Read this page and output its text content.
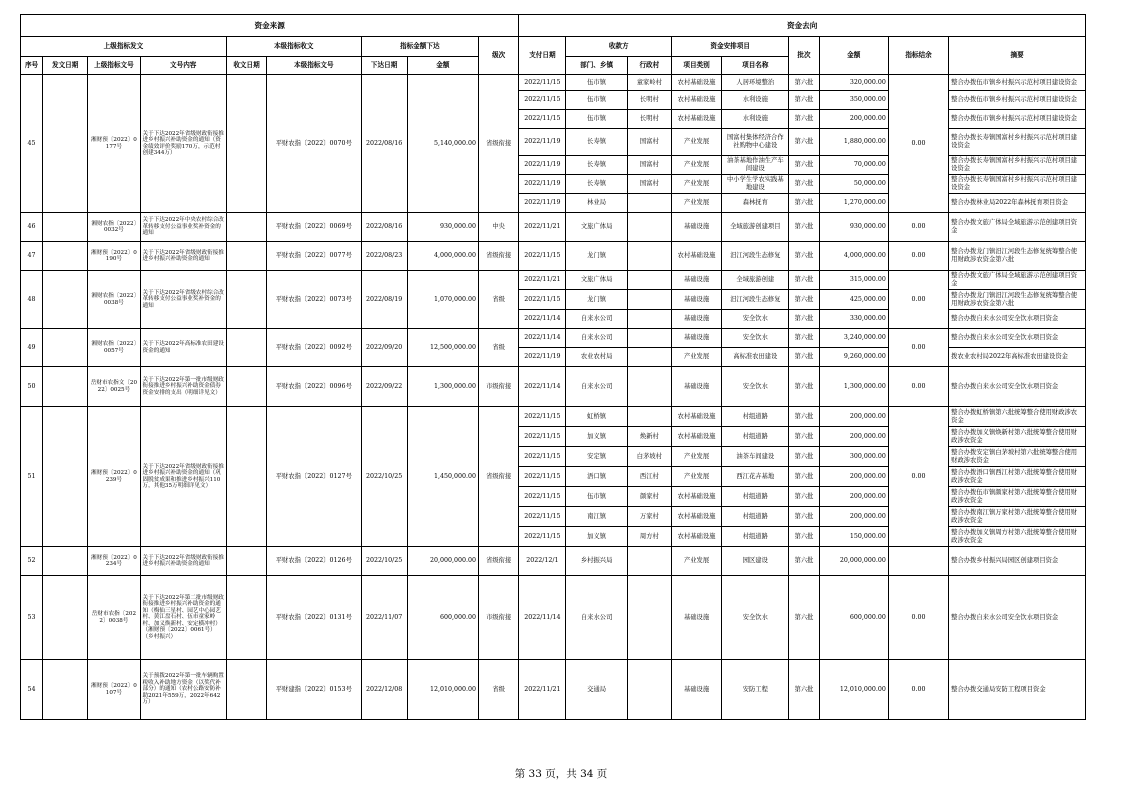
资金来源									资金去向								
上级指标发文				本级指标收文		指标金额下达		级次	支付日期	收款方		资金安排项目		批次	金额	指标结余	摘要
序号	发文日期	上级指标文号	文号内容	收文日期	本级指标文号	下达日期	金额			部门、乡镇	行政村	项目类别	项目名称				
45		湘财预〔2022〕0177号	关于下达2022年省级财政衔接推进乡村振兴补助资金的通知（资金绩效评价奖励170万，示范村创建344万）		平财农指〔2022〕0070号	2022/08/16	5,140,000.00	省级衔接	2022/11/15	伍市镇	童家岭村	农村基础设施	人居环境整治	第六批	320,000.00	0.00	整合办拨伍市镇乡村振兴示范村项目建设资金
									2022/11/15	伍市镇	长明村	农村基础设施	水利设施	第六批	350,000.00		整合办拨伍市镇乡村振兴示范村项目建设资金
									2022/11/15	伍市镇	长明村	农村基础设施	水利设施	第六批	200,000.00		整合办拨伍市镇乡村振兴示范村项目建设资金
									2022/11/19	长寿镇	国富村	产业发展	国富村集体经济合作社购物中心建设	第六批	1,880,000.00		整合办拨长寿镇国富村乡村振兴示范村项目建设资金
									2022/11/19	长寿镇	国富村	产业发展	油茶基地作油生产车间建设	第六批	70,000.00		整合办拨长寿镇国富村乡村振兴示范村项目建设资金
									2022/11/19	长寿镇	国富村	产业发展	中小学生学农实践基地建设	第六批	50,000.00		整合办拨长寿镇国富村乡村振兴示范村项目建设资金
									2022/11/19	林业局		产业发展	森林抚育	第六批	1,270,000.00		整合办拨林业局2022年森林抚育项目资金
46		湘财农指〔2022〕0032号	关于下达2022年中央农村综合改革转移支付公益事业奖补资金的通知		平财农指〔2022〕0069号	2022/08/16	930,000.00	中央	2022/11/21	文旅广体局		基础设施	全域旅游创建项目	第六批	930,000.00	0.00	整合办拨文旅广体局全域旅游示范创建项目资金
47		湘财预〔2022〕0190号	关于下达2022年省级财政衔接推进乡村振兴补助资金的通知		平财农指〔2022〕0077号	2022/08/23	4,000,000.00	省级衔接	2022/11/15	龙门镇		农村基础设施	汨江河段生态修复	第六批	4,000,000.00	0.00	整合办拨龙门镇汨江河段生态修复统筹整合使用财政涉农资金第六批
48		湘财农指〔2022〕0038号	关于下达2022年省级农村综合改革转移支付公益事业奖补资金的通知		平财农指〔2022〕0073号	2022/08/19	1,070,000.00	省级	2022/11/21	文旅广体局		基础设施	全域旅游创建	第六批	315,000.00	0.00	整合办拨文旅广体局全域旅游示范创建项目资金
									2022/11/15	龙门镇		基础设施	汨江河段生态修复	第六批	425,000.00		整合办拨龙门镇汨江河段生态修复统筹整合使用财政涉农资金第六批
									2022/11/14	自来水公司		基础设施	安全饮水	第六批	330,000.00		整合办拨自来水公司安全饮水项目资金
49		湘财农指〔2022〕0057号	关于下达2022年高标准农田建设资金的通知		平财农指〔2022〕0092号	2022/09/20	12,500,000.00	省级	2022/11/14	自来水公司		基础设施	安全饮水	第六批	3,240,000.00	0.00	整合办拨自来水公司安全饮水项目资金
									2022/11/19	农业农村局		产业发展	高标准农田建设	第六批	9,260,000.00		拨农业农村局2022年高标准农田建设资金
50		岳财市农指文〔2022〕0025号	关于下达2022年第一批市级财政衔接推进乡村振兴补助资金债券资金安排的支出（明细详见文）		平财农指〔2022〕0096号	2022/09/22	1,300,000.00	市级衔接	2022/11/14	自来水公司		基础设施	安全饮水	第六批	1,300,000.00	0.00	整合办拨自来水公司安全饮水项目资金
51		湘财预〔2022〕0239号	关于下达2022年省级财政衔接推进乡村振兴补助资金的通知（巩固脱贫成果和推进乡村振兴110万，其他35万明细详见文）		平财农指〔2022〕0127号	2022/10/25	1,450,000.00	省级衔接	2022/11/15	虹桥镇		农村基础设施	村组道路	第六批	200,000.00	0.00	整合办拨虹桥镇第六批统筹整合使用财政涉农资金
									2022/11/15	加义镇	焕新村	农村基础设施	村组道路	第六批	200,000.00		整合办拨加义镇焕新村第六批统筹整合使用财政涉农资金
									2022/11/15	安定镇	白茅坡村	产业发展	油茶车间建设	第六批	300,000.00		整合办拨安定镇白茅坡村第六批统筹整合使用财政涉农资金
									2022/11/15	浯口镇	西江村	产业发展	西江花卉基地	第六批	200,000.00		整合办拨浯口镇西江村第六批统筹整合使用财政涉农资金
									2022/11/15	伍市镇	颜家村	农村基础设施	村组道路	第六批	200,000.00		整合办拨伍市镇颜家村第六批统筹整合使用财政涉农资金
									2022/11/15	南江镇	万家村	农村基础设施	村组道路	第六批	200,000.00		整合办拨南江镇万家村第六批统筹整合使用财政涉农资金
									2022/11/15	加义镇	周方村	农村基础设施	村组道路	第六批	150,000.00		整合办拨加义镇周方村第六批统筹整合使用财政涉农资金
52		湘财预〔2022〕0234号	关于下达2022年省级财政衔接推进乡村振兴补助资金的通知		平财农指〔2022〕0126号	2022/10/25	20,000,000.00	省级衔接	2022/12/1	乡村振兴局		产业发展	园区建设	第六批	20,000,000.00		整合办拨乡村振兴局园区创建项目资金
53		岳财市农指〔2022〕0038号	关于下达2022年第二批市级财政衔接推进乡村振兴补助资金的通知（梅仙三星村、园艺中心园艺村、黄江盘石村、伍市童家岭村、加义焕新村、安定横冲村）（湘财预〔2022〕0061号）（乡村振兴）		平财农指〔2022〕0131号	2022/11/07	600,000.00	市级衔接	2022/11/14	自来水公司		基础设施	安全饮水	第六批	600,000.00	0.00	整合办拨自来水公司安全饮水项目资金
54		湘财预〔2022〕0107号	关于预拨2022年第一批车辆购置税收入补助地方资金（以奖代补部分）的通知（农村公路安防补助2021年559万，2022年642万）		平财建指〔2022〕0153号	2022/12/08	12,010,000.00	省级	2022/11/21	交通局		基础设施	安防工程	第六批	12,010,000.00	0.00	整合办拨交通局安防工程项目资金
第 33 页，共 34 页
